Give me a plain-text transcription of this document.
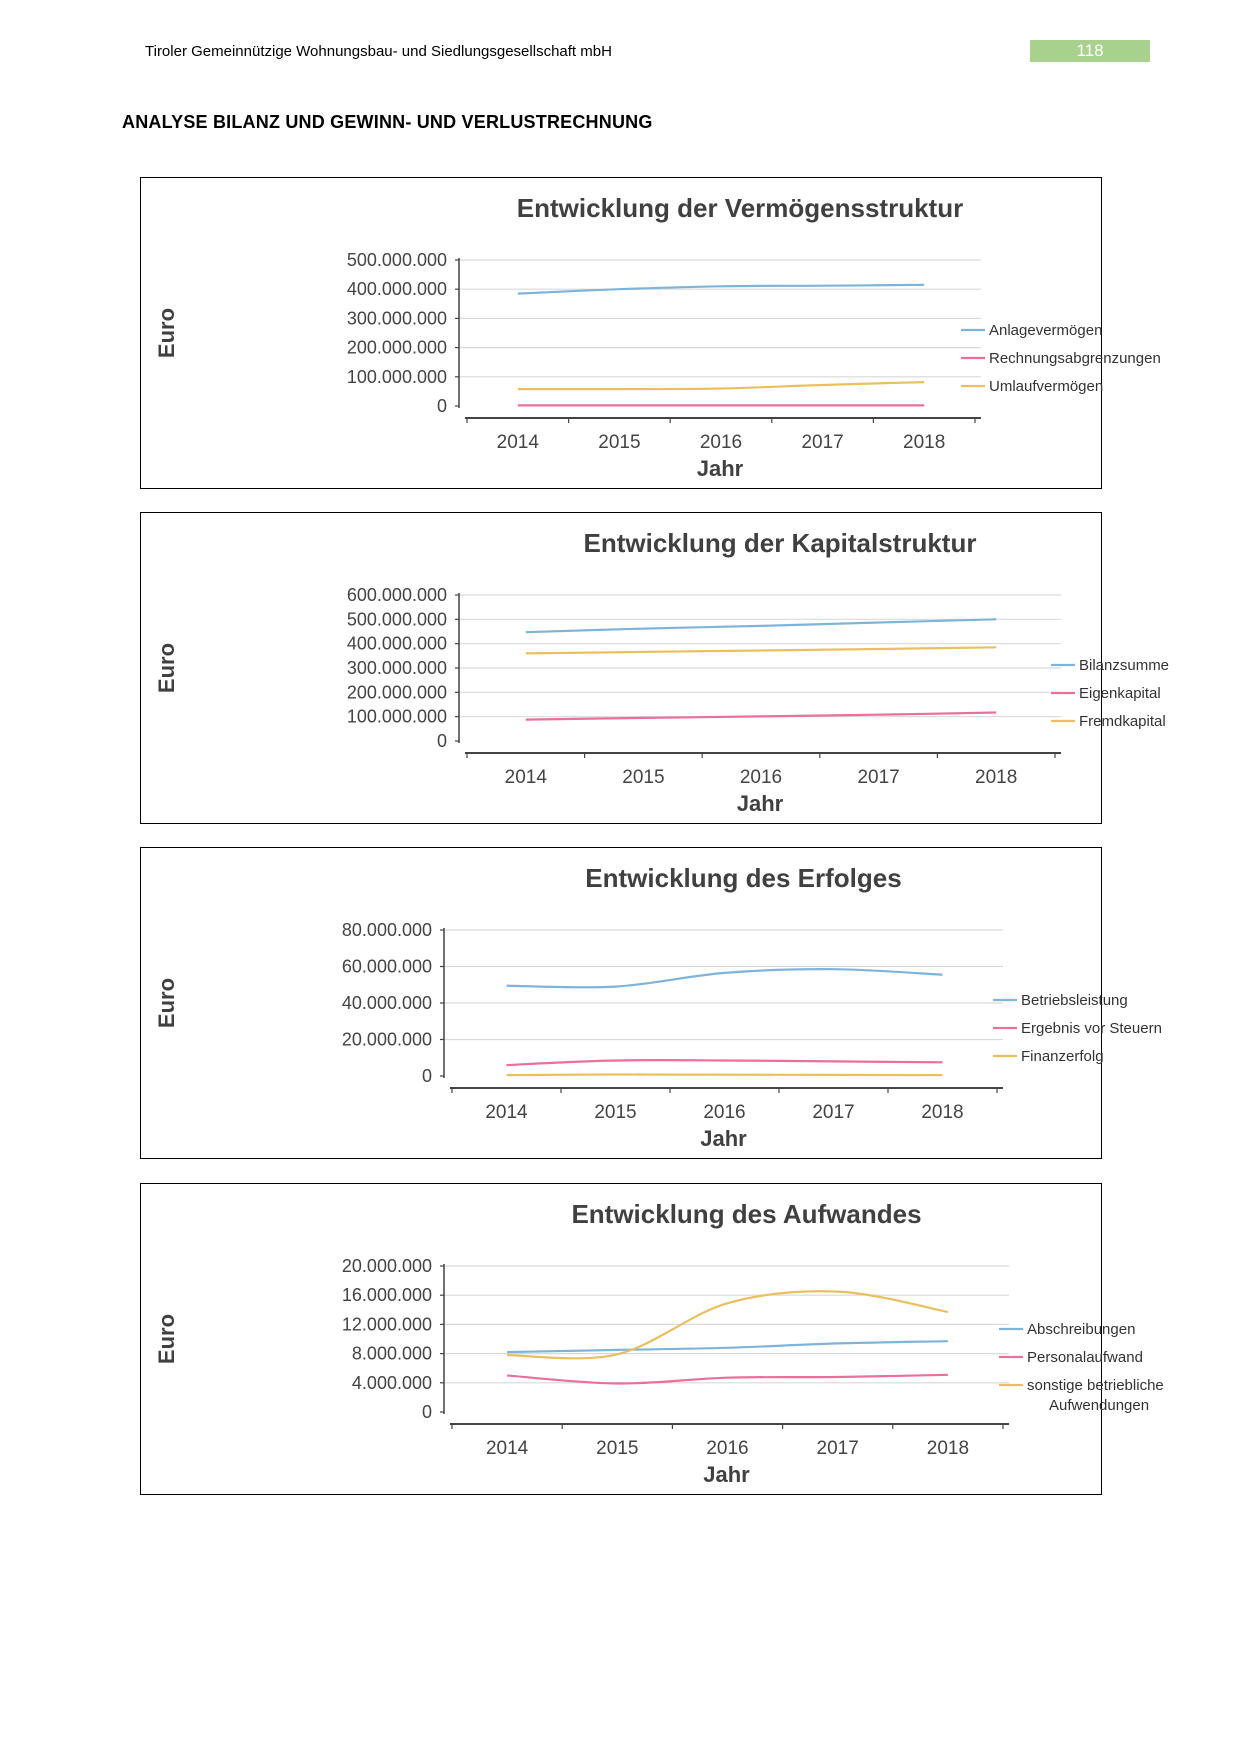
Tiroler Gemeinnützige Wohnungsbau- und Siedlungsgesellschaft mbH	118
ANALYSE BILANZ UND GEWINN- UND VERLUSTRECHNUNG
Entwicklung der Vermögensstruktur
0
100.000.000
200.000.000
300.000.000
400.000.000
500.000.000
2014	2015	2016	2017	2018
Jahr
Euro	Anlagevermögen
Rechnungsabgrenzungen
Umlaufvermögen
Entwicklung der Kapitalstruktur
0
100.000.000
200.000.000
300.000.000
400.000.000
500.000.000
600.000.000
2014	2015	2016	2017	2018
Jahr
Euro	Bilanzsumme
Eigenkapital
Fremdkapital
Entwicklung des Erfolges
0
20.000.000
40.000.000
60.000.000
80.000.000
2014	2015	2016	2017	2018
Jahr
Euro	Betriebsleistung
Ergebnis vor Steuern
Finanzerfolg
Entwicklung des Aufwandes
0
4.000.000
8.000.000
12.000.000
16.000.000
20.000.000
2014	2015	2016	2017	2018
Jahr
Euro	Abschreibungen
Personalaufwand
sonstige betriebliche Aufwendungen
